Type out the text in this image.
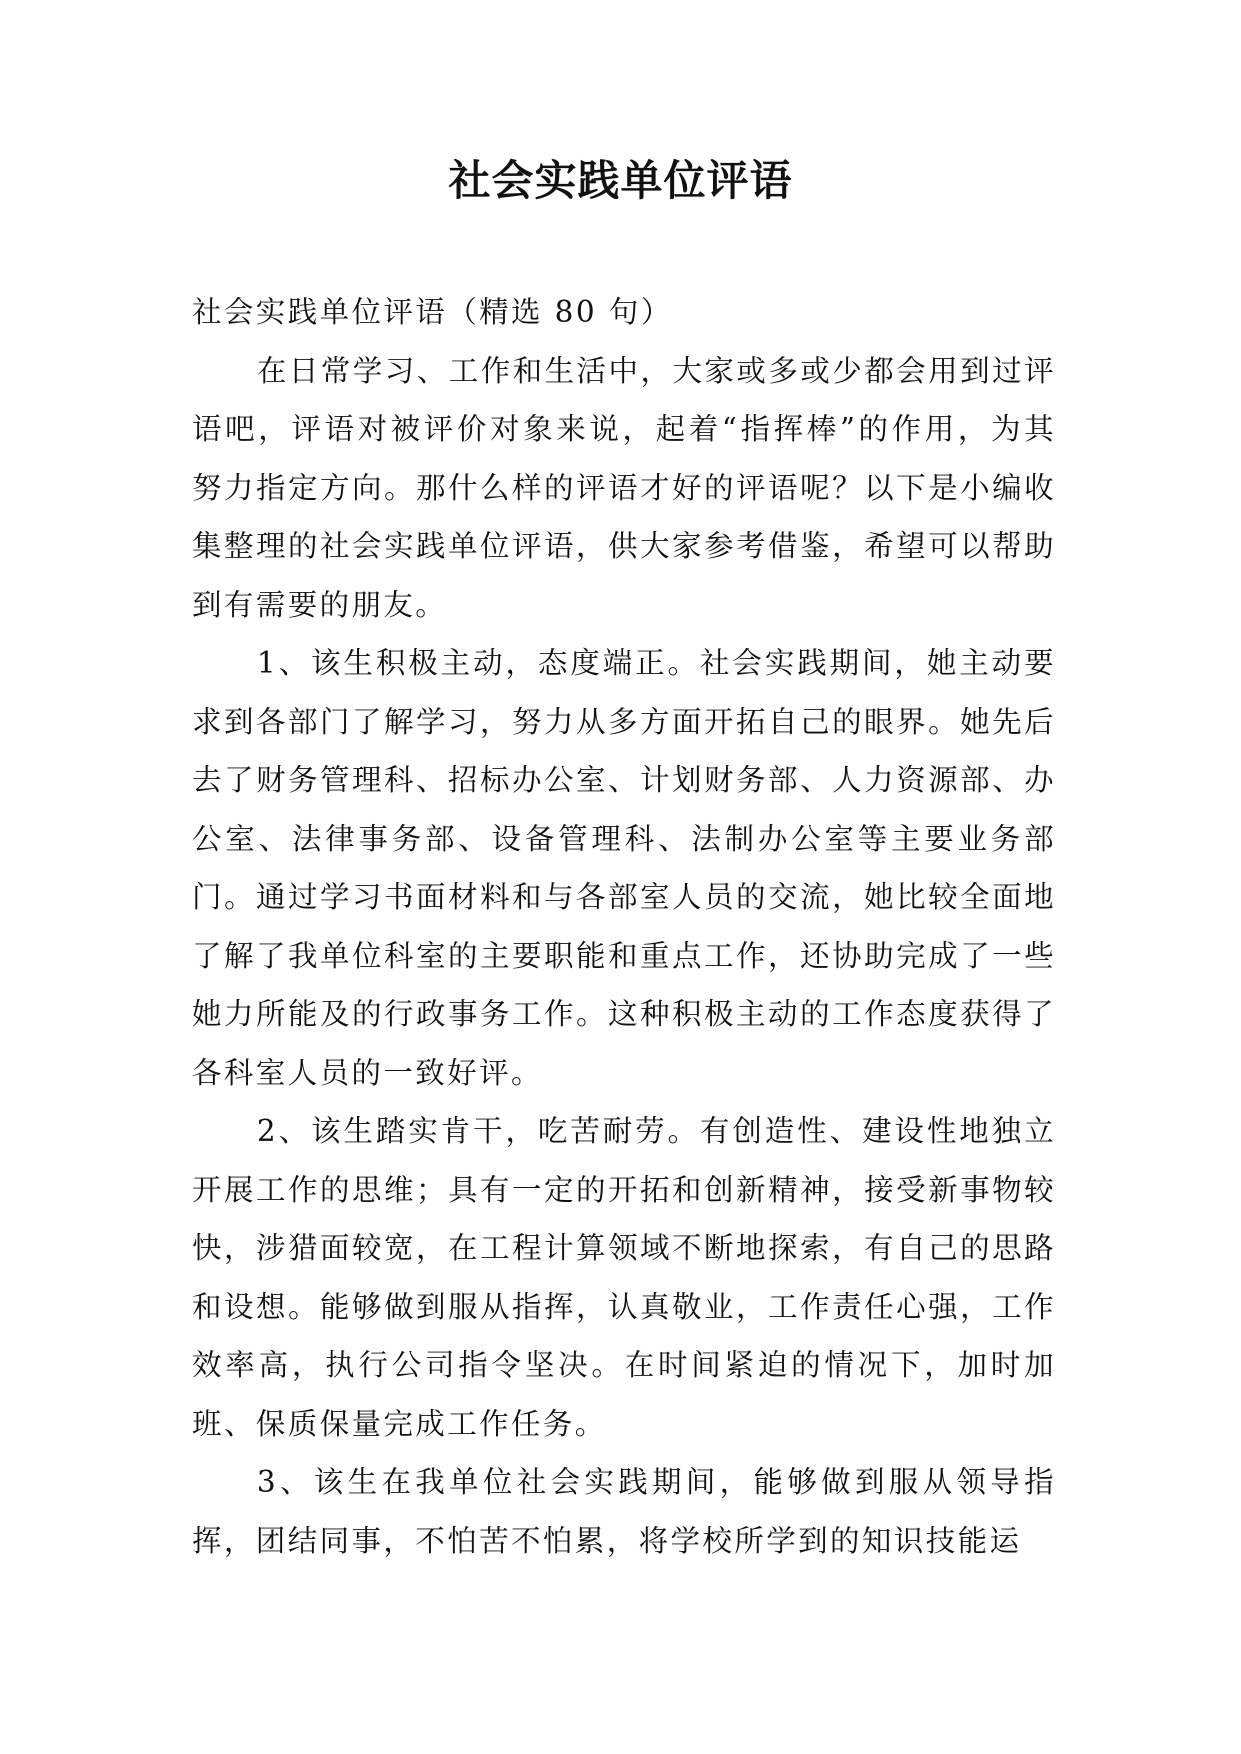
社会实践单位评语

社会实践单位评语（精选 80 句）

在日常学习、工作和生活中，大家或多或少都会用到过评语吧，评语对被评价对象来说，起着“指挥棒”的作用，为其努力指定方向。那什么样的评语才好的评语呢？以下是小编收集整理的社会实践单位评语，供大家参考借鉴，希望可以帮助到有需要的朋友。

1、该生积极主动，态度端正。社会实践期间，她主动要求到各部门了解学习，努力从多方面开拓自己的眼界。她先后去了财务管理科、招标办公室、计划财务部、人力资源部、办公室、法律事务部、设备管理科、法制办公室等主要业务部门。通过学习书面材料和与各部室人员的交流，她比较全面地了解了我单位科室的主要职能和重点工作，还协助完成了一些她力所能及的行政事务工作。这种积极主动的工作态度获得了各科室人员的一致好评。

2、该生踏实肯干，吃苦耐劳。有创造性、建设性地独立开展工作的思维；具有一定的开拓和创新精神，接受新事物较快，涉猎面较宽，在工程计算领域不断地探索，有自己的思路和设想。能够做到服从指挥，认真敬业，工作责任心强，工作效率高，执行公司指令坚决。在时间紧迫的情况下，加时加班、保质保量完成工作任务。

3、该生在我单位社会实践期间，能够做到服从领导指挥，团结同事，不怕苦不怕累，将学校所学到的知识技能运
